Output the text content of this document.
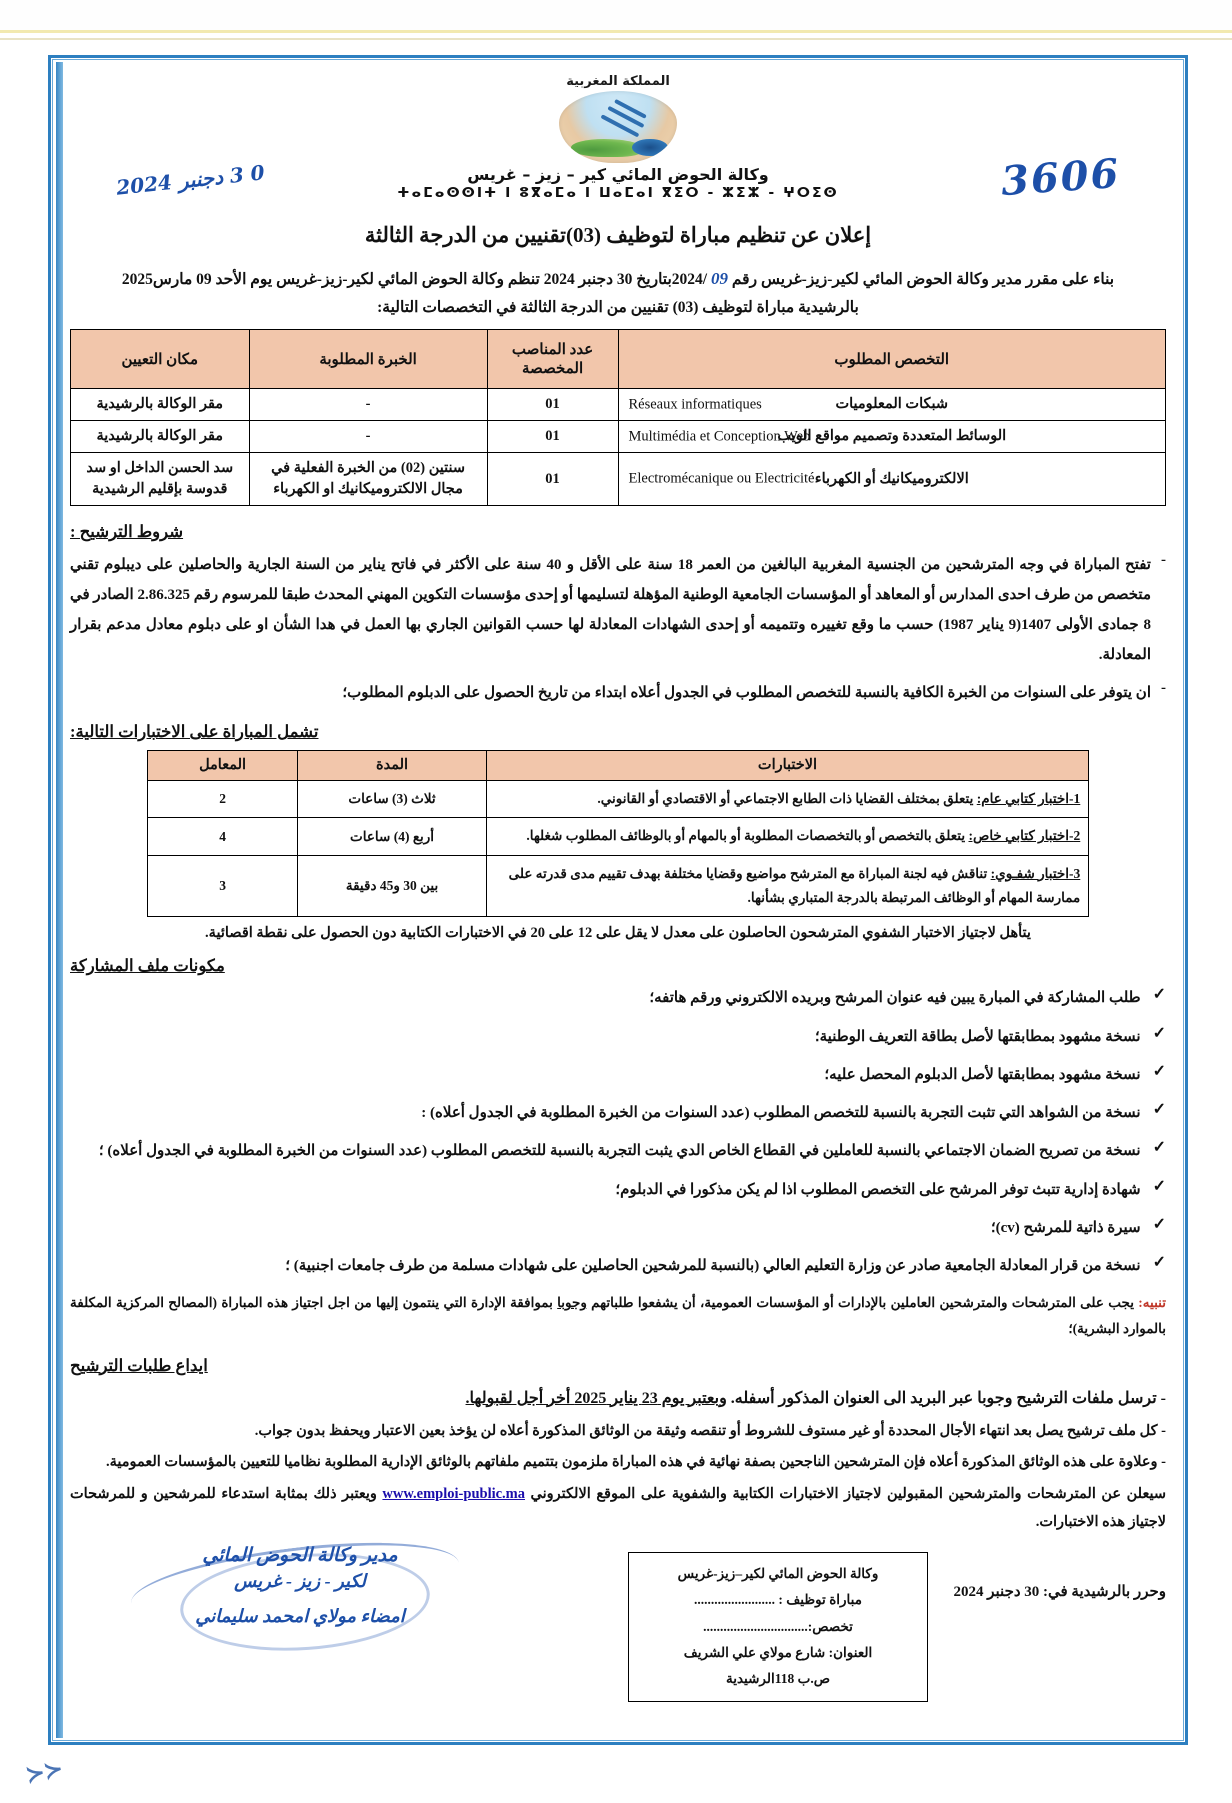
0 3 دجنبر 2024	3606
المملكة المغربية
وكالة الحوض المائي كير – زيز – غريس
ⵜⴰⵎⴰⵙⵙⵏⵜ ⵏ ⵓⴳⴰⵎⴰ ⵏ ⵡⴰⵎⴰⵏ ⴳⵉⵔ - ⵣⵉⵣ - ⵖⵔⵉⵙ
إعلان عن تنظيم مباراة لتوظيف (03)تقنيين من الدرجة الثالثة
بناء على مقرر مدير وكالة الحوض المائي لكير-زيز-غريس رقم 09 /2024بتاريخ 30 دجنبر 2024 تنظم وكالة الحوض المائي لكير-زيز-غريس يوم الأحد 09 مارس2025
بالرشيدية مباراة لتوظيف (03) تقنيين من الدرجة الثالثة في التخصصات التالية:
التخصص المطلوب	عدد المناصب المخصصة	الخبرة المطلوبة	مكان التعيين
شبكات المعلوميات
Réseaux informatiques	01	-	مقر الوكالة بالرشيدية
الوسائط المتعددة وتصميم مواقع الويب
Multimédia et Conception Web	01	-	مقر الوكالة بالرشيدية
الالكتروميكانيك أو الكهرباء
Electromécanique ou Electricité	01	سنتين (02) من الخبرة الفعلية في مجال الالكتروميكانيك او الكهرباء	سد الحسن الداخل او سد قدوسة بإقليم الرشيدية
شروط الترشيح :
-
تفتح المباراة في وجه المترشحين من الجنسية المغربية البالغين من العمر 18 سنة على الأقل و 40 سنة على الأكثر في فاتح يناير من السنة الجارية والحاصلين على ديبلوم تقني متخصص من طرف احدى المدارس أو المعاهد أو المؤسسات الجامعية الوطنية المؤهلة لتسليمها أو إحدى مؤسسات التكوين المهني المحدث طبقا للمرسوم رقم 2.86.325 الصادر في 8 جمادى الأولى 1407(9 يناير 1987) حسب ما وقع تغييره وتتميمه أو إحدى الشهادات المعادلة لها حسب القوانين الجاري بها العمل في هدا الشأن او على دبلوم معادل مدعم بقرار المعادلة.
-
ان يتوفر على السنوات من الخبرة الكافية بالنسبة للتخصص المطلوب في الجدول أعلاه ابتداء من تاريخ الحصول على الدبلوم المطلوب؛
تشمل المباراة على الاختبارات التالية:
الاختبارات	المدة	المعامل
1-اختبار كتابي عام: يتعلق بمختلف القضايا ذات الطابع الاجتماعي أو الاقتصادي أو القانوني.	ثلاث (3) ساعات	2
2-اختبار كتابي خاص: يتعلق بالتخصص أو بالتخصصات المطلوبة أو بالمهام أو بالوظائف المطلوب شغلها.	أربع (4) ساعات	4
3-اختبار شفـوي: تناقش فيه لجنة المباراة مع المترشح مواضيع وقضايا مختلفة بهدف تقييم مدى قدرته على ممارسة المهام أو الوظائف المرتبطة بالدرجة المتباري بشأنها.	بين 30 و45 دقيقة	3
يتأهل لاجتياز الاختبار الشفوي المترشحون الحاصلون على معدل لا يقل على 12 على 20 في الاختبارات الكتابية دون الحصول على نقطة اقصائية.
مكونات ملف المشاركة
✓
طلب المشاركة في المبارة يبين فيه عنوان المرشح وبريده الالكتروني ورقم هاتفه؛
✓
نسخة مشهود بمطابقتها لأصل بطاقة التعريف الوطنية؛
✓
نسخة مشهود بمطابقتها لأصل الدبلوم المحصل عليه؛
✓
نسخة من الشواهد التي تثبت التجربة بالنسبة للتخصص المطلوب (عدد السنوات من الخبرة المطلوبة في الجدول أعلاه) :
✓
نسخة من تصريح الضمان الاجتماعي بالنسبة للعاملين في القطاع الخاص الدي يثبت التجربة بالنسبة للتخصص المطلوب (عدد السنوات من الخبرة المطلوبة في الجدول أعلاه) ؛
✓
شهادة إدارية تتبث توفر المرشح على التخصص المطلوب اذا لم يكن مذكورا في الدبلوم؛
✓
سيرة ذاتية للمرشح (cv)؛
✓
نسخة من قرار المعادلة الجامعية صادر عن وزارة التعليم العالي (بالنسبة للمرشحين الحاصلين على شهادات مسلمة من طرف جامعات اجنبية) ؛
تنبيه: يجب على المترشحات والمترشحين العاملين بالإدارات أو المؤسسات العمومية، أن يشفعوا طلباتهم وجوبا بموافقة الإدارة التي ينتمون إليها من اجل اجتياز هذه المباراة (المصالح المركزية المكلفة بالموارد البشرية)؛
ايداع طلبات الترشيح
- ترسل ملفات الترشيح وجوبا عبر البريد الى العنوان المذكور أسفله. وبعتبر يوم 23 يناير 2025 أخر أجل لقبولها.
- كل ملف ترشيح يصل بعد انتهاء الأجال المحددة أو غير مستوف للشروط أو تنقصه وثيقة من الوثائق المذكورة أعلاه لن يؤخذ بعين الاعتبار ويحفظ بدون جواب.
- وعلاوة على هذه الوثائق المذكورة أعلاه فإن المترشحين الناجحين بصفة نهائية في هذه المباراة ملزمون بتتميم ملفاتهم بالوثائق الإدارية المطلوبة نظاميا للتعيين بالمؤسسات العمومية.
سيعلن عن المترشحات والمترشحين المقبولين لاجتياز الاختبارات الكتابية والشفوية على الموقع الالكتروني www.emploi-public.ma ويعتبر ذلك بمثابة استدعاء للمرشحين و للمرشحات لاجتياز هذه الاختبارات.
وكالة الحوض المائي لكير–زيز-غريس
مباراة توظيف : ........................
تخصص:...............................
العنوان: شارع مولاي علي الشريف
ص.ب 118الرشيدية
وحرر بالرشيدية في: 30 دجنبر 2024
مدير وكالة الحوض المائي
لكير - زيز - غريس
امضاء مولاي امحمد سليماني
≺≺
